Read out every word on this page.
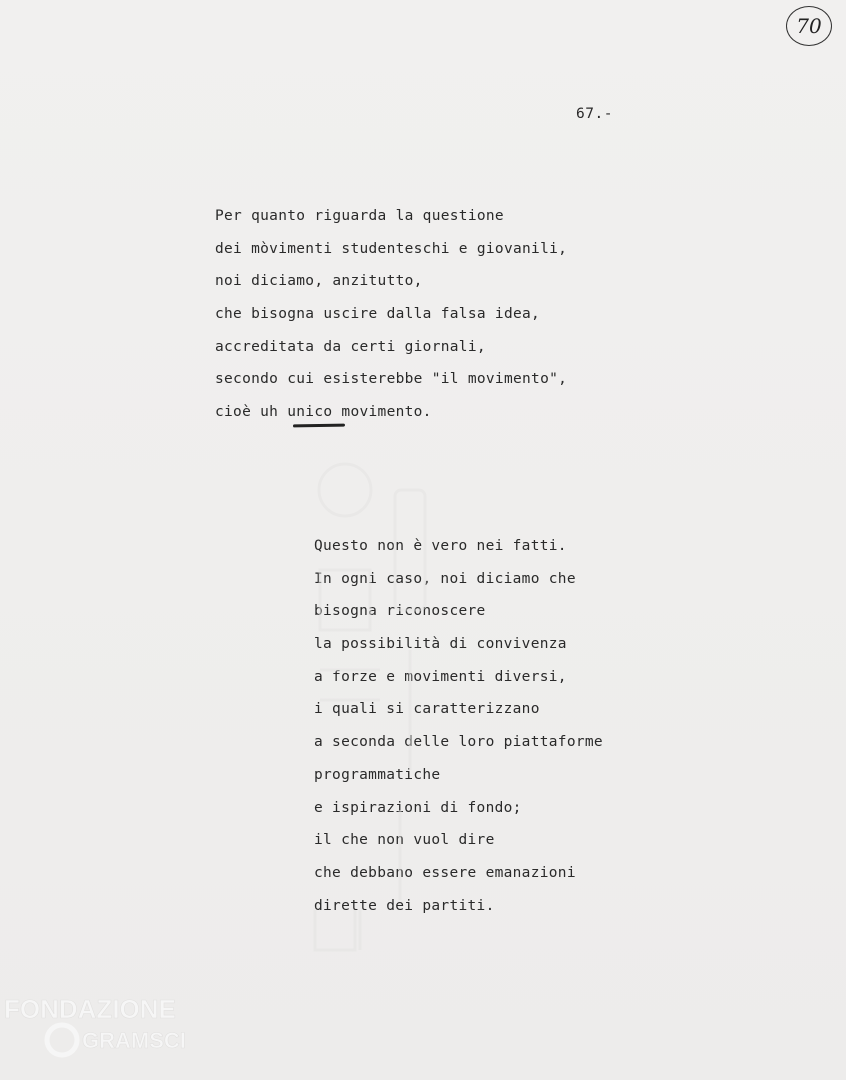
70
67.-
Per quanto riguarda la questione
dei mòvimenti studenteschi e giovanili,
noi diciamo, anzitutto,
che bisogna uscire dalla falsa idea,
accreditata da certi giornali,
secondo cui esisterebbe "il movimento",
cioè uh unico movimento.
Questo non è vero nei fatti.
In ogni caso, noi diciamo che
bisogna riconoscere
la possibilità di convivenza
a forze e movimenti diversi,
i quali si caratterizzano
a seconda delle loro piattaforme
programmatiche
e ispirazioni di fondo;
il che non vuol dire
che debbano essere emanazioni
dirette dei partiti.
FONDAZIONE
GRAMSCI
